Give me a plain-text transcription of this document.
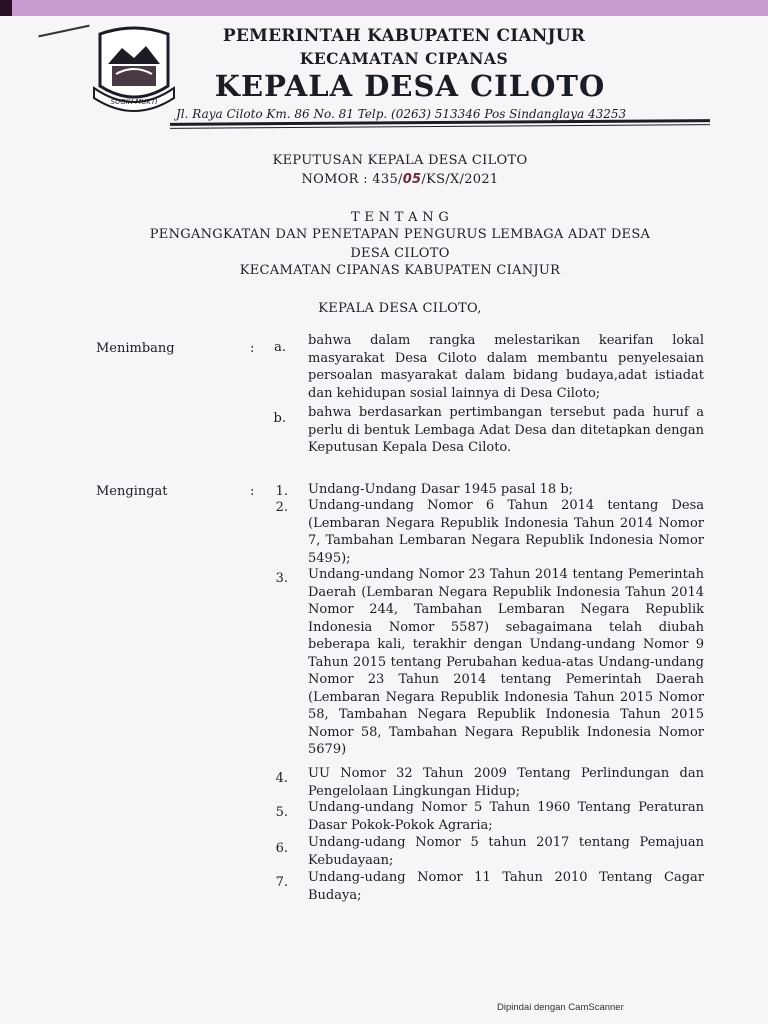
SUGIH MUKTI
PEMERINTAH KABUPATEN CIANJUR
KECAMATAN CIPANAS
KEPALA DESA CILOTO
Jl. Raya Ciloto Km. 86 No. 81 Telp. (0263) 513346 Pos Sindanglaya 43253
KEPUTUSAN KEPALA DESA CILOTO
NOMOR : 435/05/KS/X/2021
T E N T A N G
PENGANGKATAN DAN PENETAPAN PENGURUS LEMBAGA ADAT DESA
DESA CILOTO
KECAMATAN CIPANAS KABUPATEN CIANJUR
KEPALA DESA CILOTO,
Menimbang	:	a. bahwa dalam rangka melestarikan kearifan lokal masyarakat Desa Ciloto dalam membantu penyelesaian persoalan masyarakat dalam bidang budaya,adat istiadat dan kehidupan sosial lainnya di Desa Ciloto;
b. bahwa berdasarkan pertimbangan tersebut pada huruf a perlu di bentuk Lembaga Adat Desa dan ditetapkan dengan Keputusan Kepala Desa Ciloto.
Mengingat	:	1. Undang-Undang Dasar 1945 pasal 18 b;
2. Undang-undang Nomor 6 Tahun 2014 tentang Desa (Lembaran Negara Republik Indonesia Tahun 2014 Nomor 7, Tambahan Lembaran Negara Republik Indonesia Nomor 5495);
3. Undang-undang Nomor 23 Tahun 2014 tentang Pemerintah Daerah (Lembaran Negara Republik Indonesia Tahun 2014 Nomor 244, Tambahan Lembaran Negara Republik Indonesia Nomor 5587) sebagaimana telah diubah beberapa kali, terakhir dengan Undang-undang Nomor 9 Tahun 2015 tentang Perubahan kedua-atas Undang-undang Nomor 23 Tahun 2014 tentang Pemerintah Daerah (Lembaran Negara Republik Indonesia Tahun 2015 Nomor 58, Tambahan Negara Republik Indonesia Tahun 2015 Nomor 58, Tambahan Negara Republik Indonesia Nomor 5679)
4. UU Nomor 32 Tahun 2009 Tentang Perlindungan dan Pengelolaan Lingkungan Hidup;
5. Undang-undang Nomor 5 Tahun 1960 Tentang Peraturan Dasar Pokok-Pokok Agraria;
6. Undang-udang Nomor 5 tahun 2017 tentang Pemajuan Kebudayaan;
7. Undang-udang Nomor 11 Tahun 2010 Tentang Cagar Budaya;
Dipindai dengan CamScanner
